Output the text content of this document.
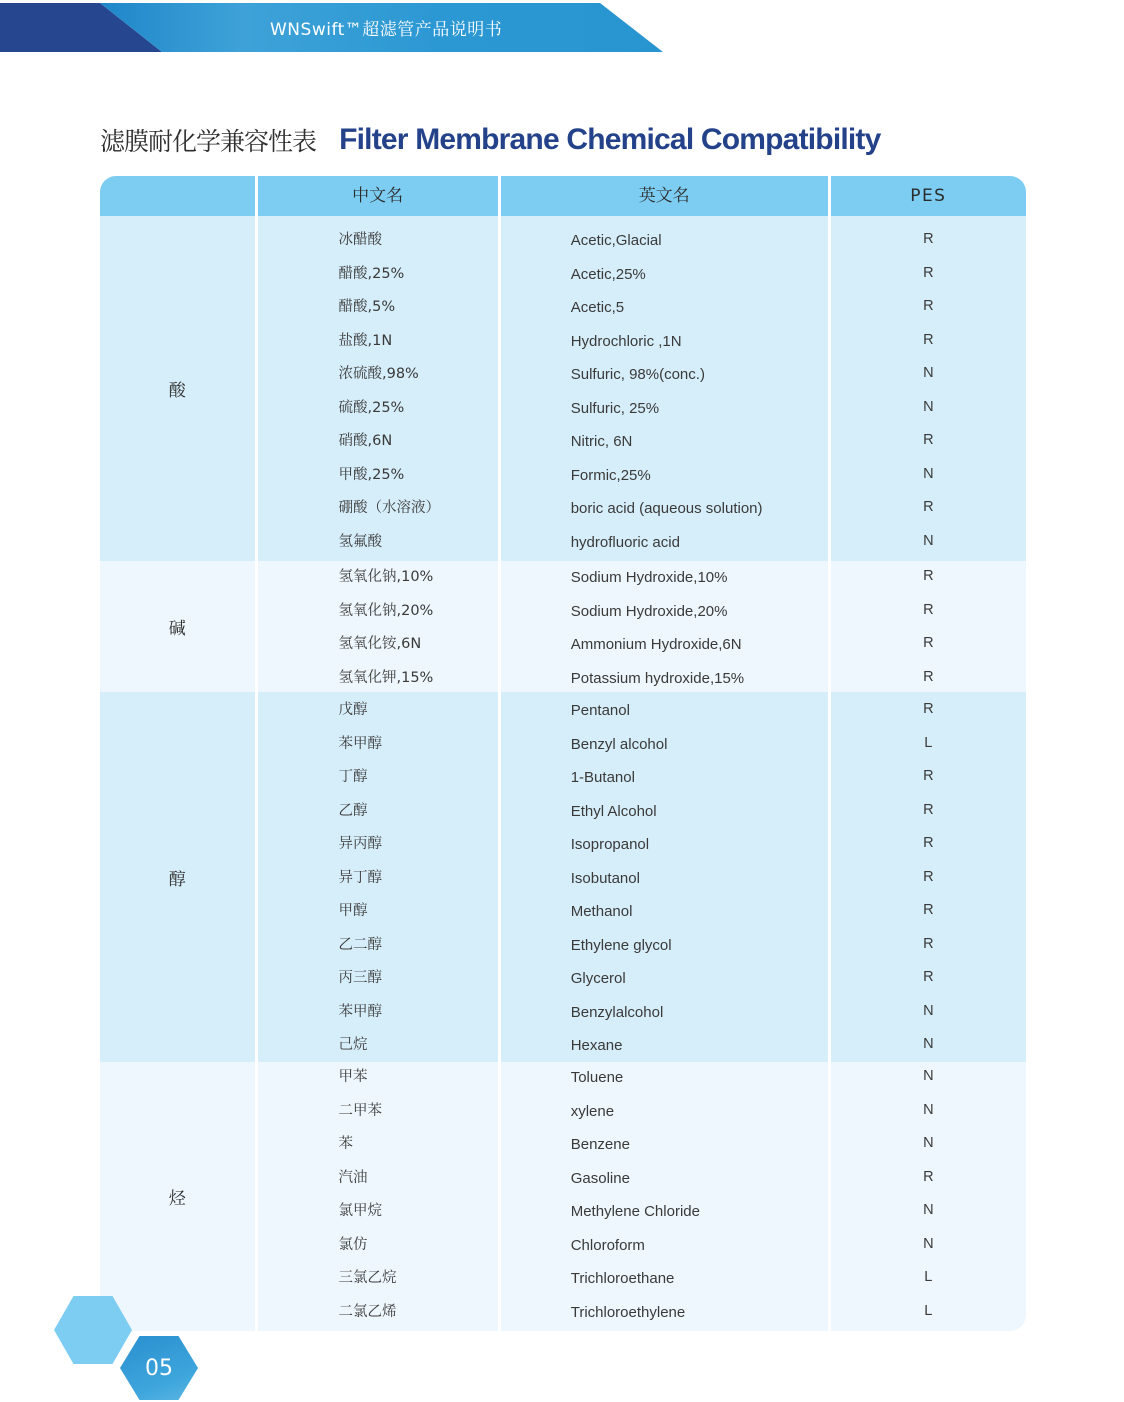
WNSwift™超滤管产品说明书
滤膜耐化学兼容性表 Filter Membrane Chemical Compatibility
中文名	英文名	PES
酸
冰醋酸
醋酸,25%
醋酸,5%
盐酸,1N
浓硫酸,98%
硫酸,25%
硝酸,6N
甲酸,25%
硼酸（水溶液）
氢氟酸
Acetic,Glacial
Acetic,25%
Acetic,5
Hydrochloric ,1N
Sulfuric, 98%(conc.)
Sulfuric, 25%
Nitric, 6N
Formic,25%
boric acid (aqueous solution)
hydrofluoric acid
R
R
R
R
N
N
R
N
R
N
碱
氢氧化钠,10%
氢氧化钠,20%
氢氧化铵,6N
氢氧化钾,15%
Sodium Hydroxide,10%
Sodium Hydroxide,20%
Ammonium Hydroxide,6N
Potassium hydroxide,15%
R
R
R
R
醇
戊醇
苯甲醇
丁醇
乙醇
异丙醇
异丁醇
甲醇
乙二醇
丙三醇
苯甲醇
己烷
Pentanol
Benzyl alcohol
1-Butanol
Ethyl Alcohol
Isopropanol
Isobutanol
Methanol
Ethylene glycol
Glycerol
Benzylalcohol
Hexane
R
L
R
R
R
R
R
R
R
N
N
烃
甲苯
二甲苯
苯
汽油
氯甲烷
氯仿
三氯乙烷
二氯乙烯
Toluene
xylene
Benzene
Gasoline
Methylene Chloride
Chloroform
Trichloroethane
Trichloroethylene
N
N
N
R
N
N
L
L
05
